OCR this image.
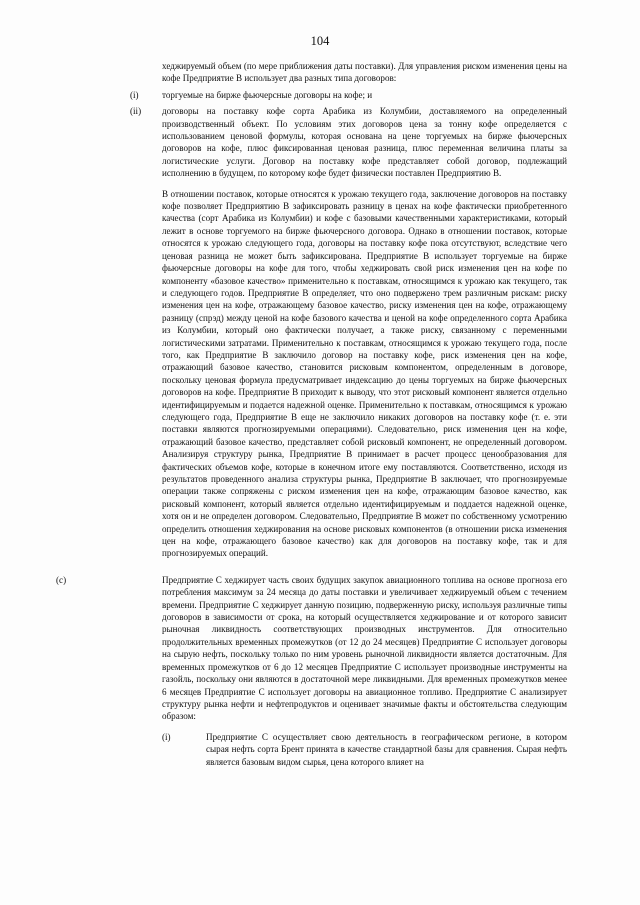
104

хеджируемый объем (по мере приближения даты поставки). Для управления риском изменения цены на кофе Предприятие В использует два разных типа договоров:

(i)	торгуемые на бирже фьючерсные договоры на кофе; и

(ii) договоры на поставку кофе сорта Арабика из Колумбии, доставляемого на определенный производственный объект. По условиям этих договоров цена за тонну кофе определяется с использованием ценовой формулы, которая основана на цене торгуемых на бирже фьючерсных договоров на кофе, плюс фиксированная ценовая разница, плюс переменная величина платы за логистические услуги. Договор на поставку кофе представляет собой договор, подлежащий исполнению в будущем, по которому кофе будет физически поставлен Предприятию В.

В отношении поставок, которые относятся к урожаю текущего года, заключение договоров на поставку кофе позволяет Предприятию В зафиксировать разницу в ценах на кофе фактически приобретенного качества (сорт Арабика из Колумбии) и кофе с базовыми качественными характеристиками, который лежит в основе торгуемого на бирже фьючерсного договора. Однако в отношении поставок, которые относятся к урожаю следующего года, договоры на поставку кофе пока отсутствуют, вследствие чего ценовая разница не может быть зафиксирована. Предприятие В использует торгуемые на бирже фьючерсные договоры на кофе для того, чтобы хеджировать свой риск изменения цен на кофе по компоненту «базовое качество» применительно к поставкам, относящимся к урожаю как текущего, так и следующего годов. Предприятие В определяет, что оно подвержено трем различным рискам: риску изменения цен на кофе, отражающему базовое качество, риску изменения цен на кофе, отражающему разницу (спрэд) между ценой на кофе базового качества и ценой на кофе определенного сорта Арабика из Колумбии, который оно фактически получает, а также риску, связанному с переменными логистическими затратами. Применительно к поставкам, относящимся к урожаю текущего года, после того, как Предприятие В заключило договор на поставку кофе, риск изменения цен на кофе, отражающий базовое качество, становится рисковым компонентом, определенным в договоре, поскольку ценовая формула предусматривает индексацию до цены торгуемых на бирже фьючерсных договоров на кофе. Предприятие В приходит к выводу, что этот рисковый компонент является отдельно идентифицируемым и подается надежной оценке. Применительно к поставкам, относящимся к урожаю следующего года, Предприятие В еще не заключило никаких договоров на поставку кофе (т. е. эти поставки являются прогнозируемыми операциями). Следовательно, риск изменения цен на кофе, отражающий базовое качество, представляет собой рисковый компонент, не определенный договором. Анализируя структуру рынка, Предприятие В принимает в расчет процесс ценообразования для фактических объемов кофе, которые в конечном итоге ему поставляются. Соответственно, исходя из результатов проведенного анализа структуры рынка, Предприятие В заключает, что прогнозируемые операции также сопряжены с риском изменения цен на кофе, отражающим базовое качество, как рисковый компонент, который является отдельно идентифицируемым и поддается надежной оценке, хотя он и не определен договором. Следовательно, Предприятие В может по собственному усмотрению определить отношения хеджирования на основе рисковых компонентов (в отношении риска изменения цен на кофе, отражающего базовое качество) как для договоров на поставку кофе, так и для прогнозируемых операций.

(c)	Предприятие С хеджирует часть своих будущих закупок авиационного топлива на основе прогноза его потребления максимум за 24 месяца до даты поставки и увеличивает хеджируемый объем с течением времени. Предприятие С хеджирует данную позицию, подверженную риску, используя различные типы договоров в зависимости от срока, на который осуществляется хеджирование и от которого зависит рыночная ликвидность соответствующих производных инструментов. Для относительно продолжительных временных промежутков (от 12 до 24 месяцев) Предприятие С использует договоры на сырую нефть, поскольку только по ним уровень рыночной ликвидности является достаточным. Для временных промежутков от 6 до 12 месяцев Предприятие С использует производные инструменты на газойль, поскольку они являются в достаточной мере ликвидными. Для временных промежутков менее 6 месяцев Предприятие С использует договоры на авиационное топливо. Предприятие С анализирует структуру рынка нефти и нефтепродуктов и оценивает значимые факты и обстоятельства следующим образом:

(i)	Предприятие С осуществляет свою деятельность в географическом регионе, в котором сырая нефть сорта Брент принята в качестве стандартной базы для сравнения. Сырая нефть является базовым видом сырья, цена которого влияет на
